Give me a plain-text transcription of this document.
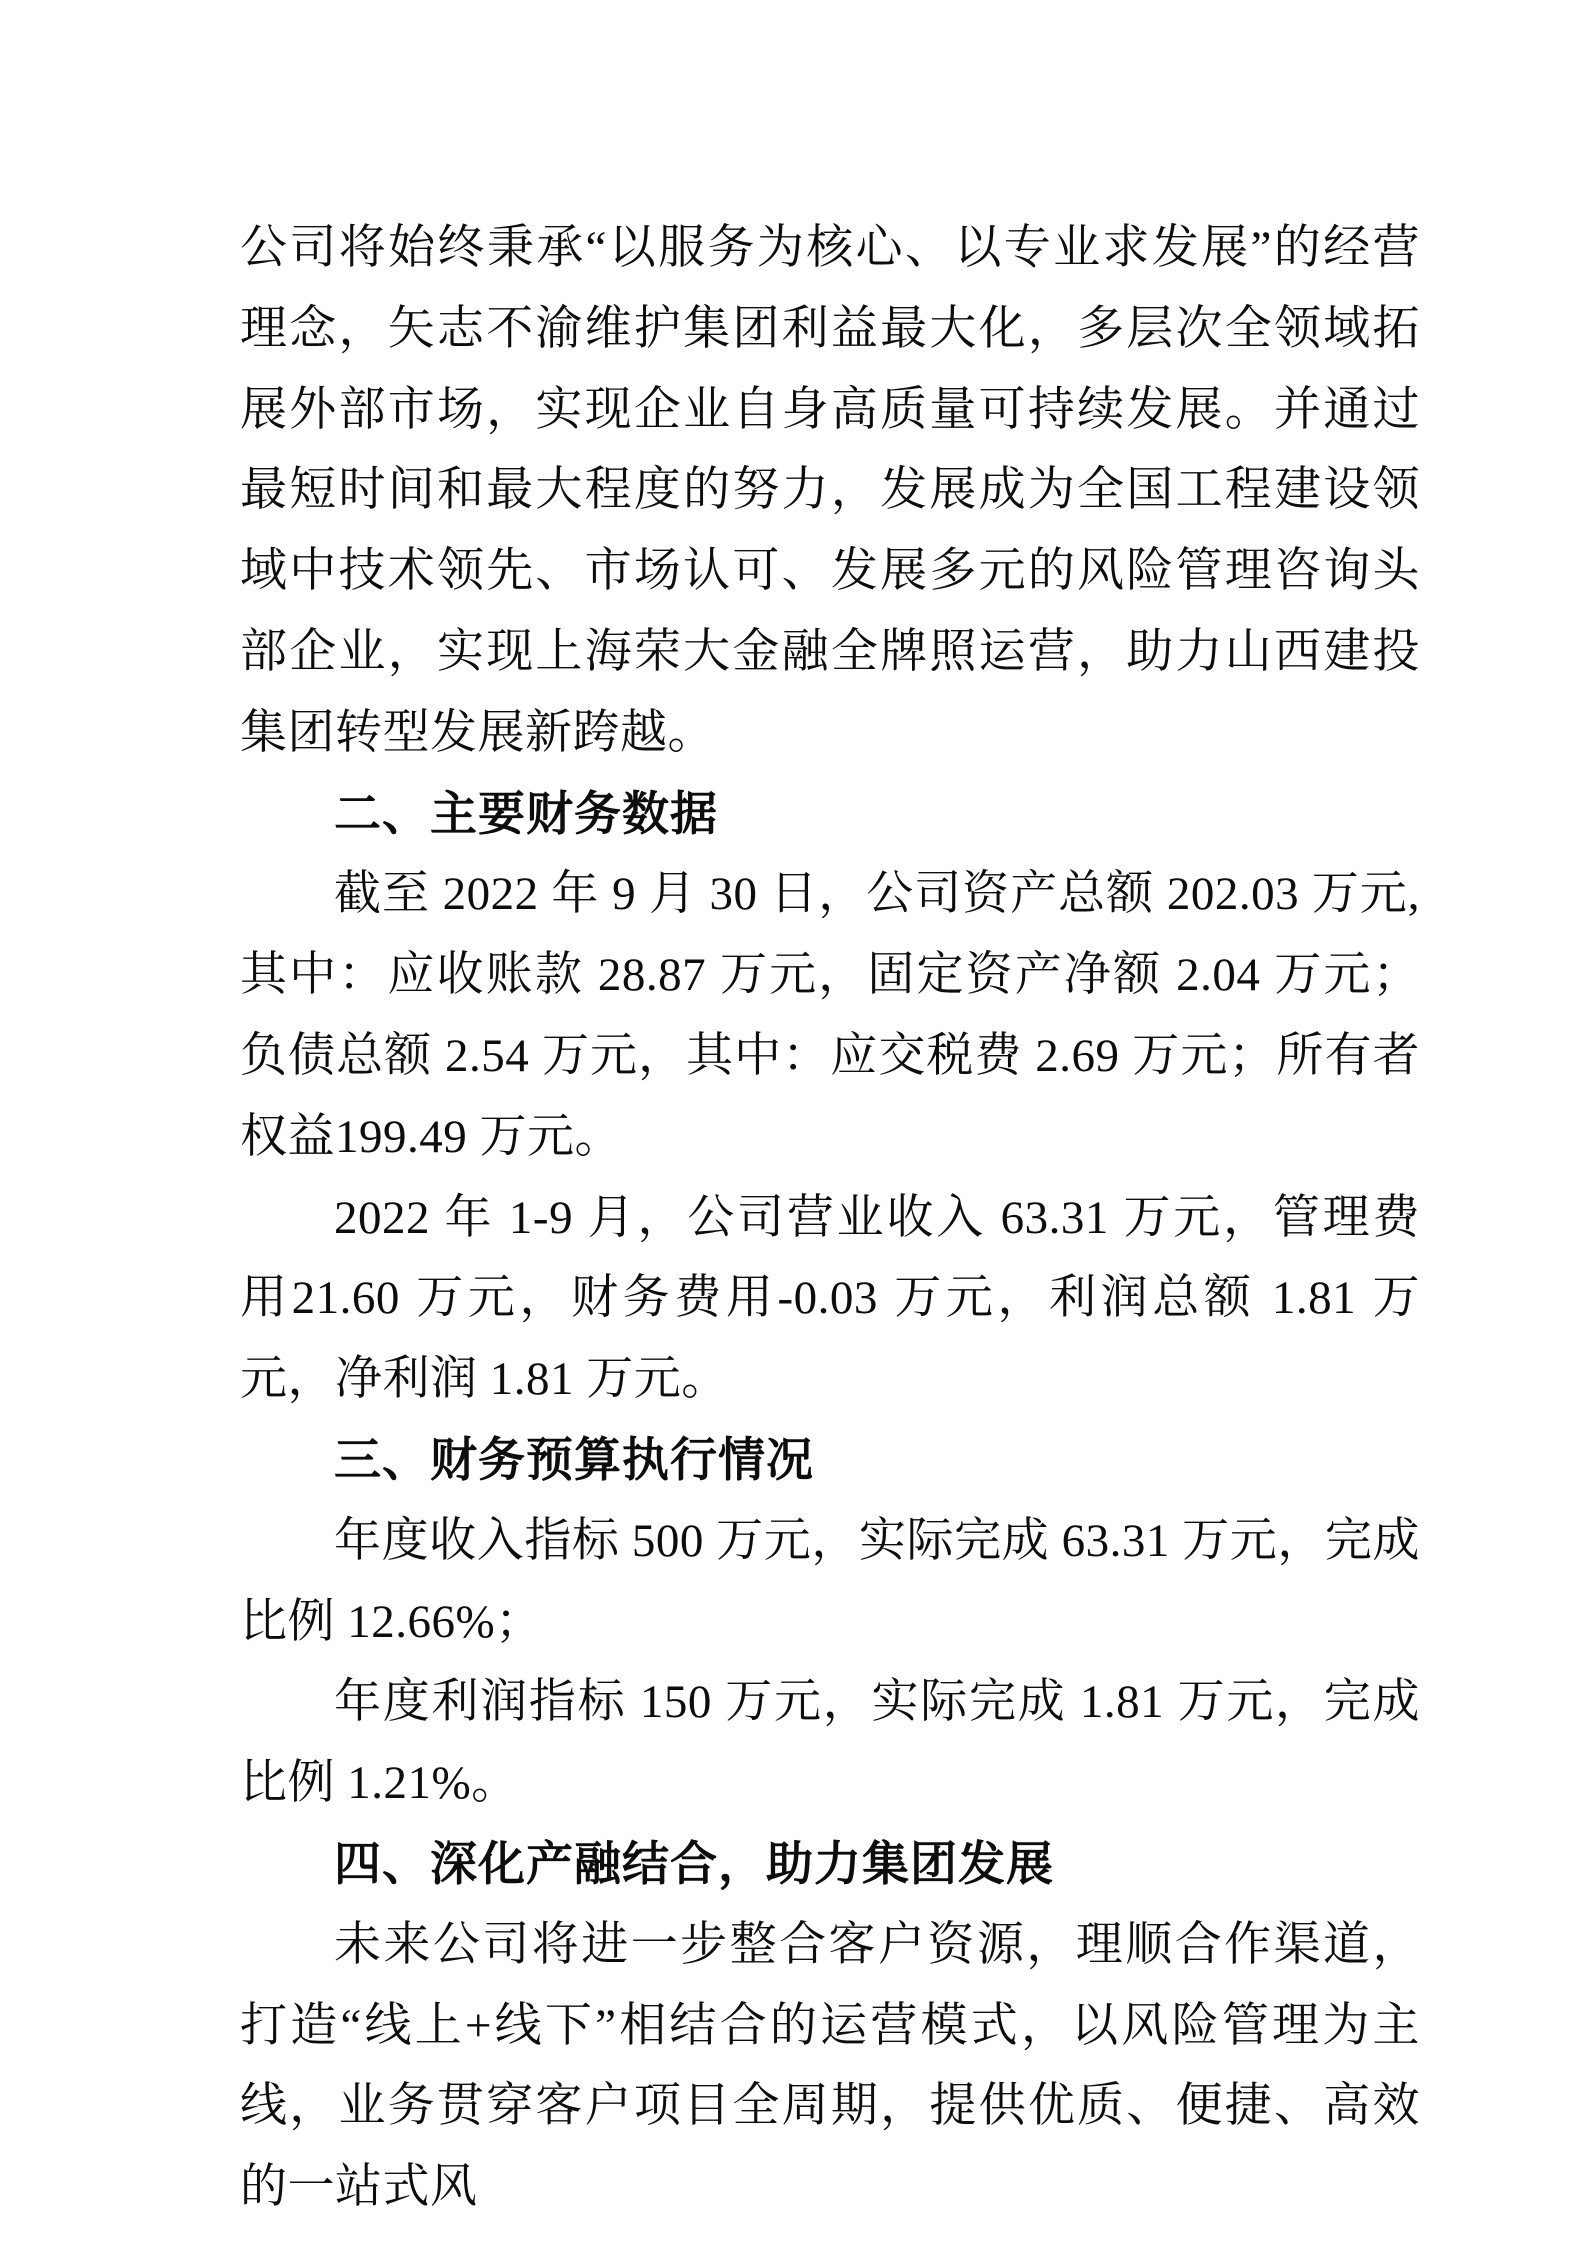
公司将始终秉承“以服务为核心、以专业求发展”的经营理念，矢志不渝维护集团利益最大化，多层次全领域拓展外部市场，实现企业自身高质量可持续发展。并通过最短时间和最大程度的努力，发展成为全国工程建设领域中技术领先、市场认可、发展多元的风险管理咨询头部企业，实现上海荣大金融全牌照运营，助力山西建投集团转型发展新跨越。

二、主要财务数据

截至 2022 年 9 月 30 日，公司资产总额 202.03 万元,其中：应收账款 28.87 万元，固定资产净额 2.04 万元；负债总额 2.54 万元，其中：应交税费 2.69 万元；所有者权益199.49 万元。

2022 年 1-9 月，公司营业收入 63.31 万元，管理费用21.60 万元，财务费用-0.03 万元，利润总额 1.81 万元，净利润 1.81 万元。

三、财务预算执行情况

年度收入指标 500 万元，实际完成 63.31 万元，完成比例 12.66%；

年度利润指标 150 万元，实际完成 1.81 万元，完成比例 1.21%。

四、深化产融结合，助力集团发展

未来公司将进一步整合客户资源，理顺合作渠道，打造“线上+线下”相结合的运营模式，以风险管理为主线，业务贯穿客户项目全周期，提供优质、便捷、高效的一站式风
